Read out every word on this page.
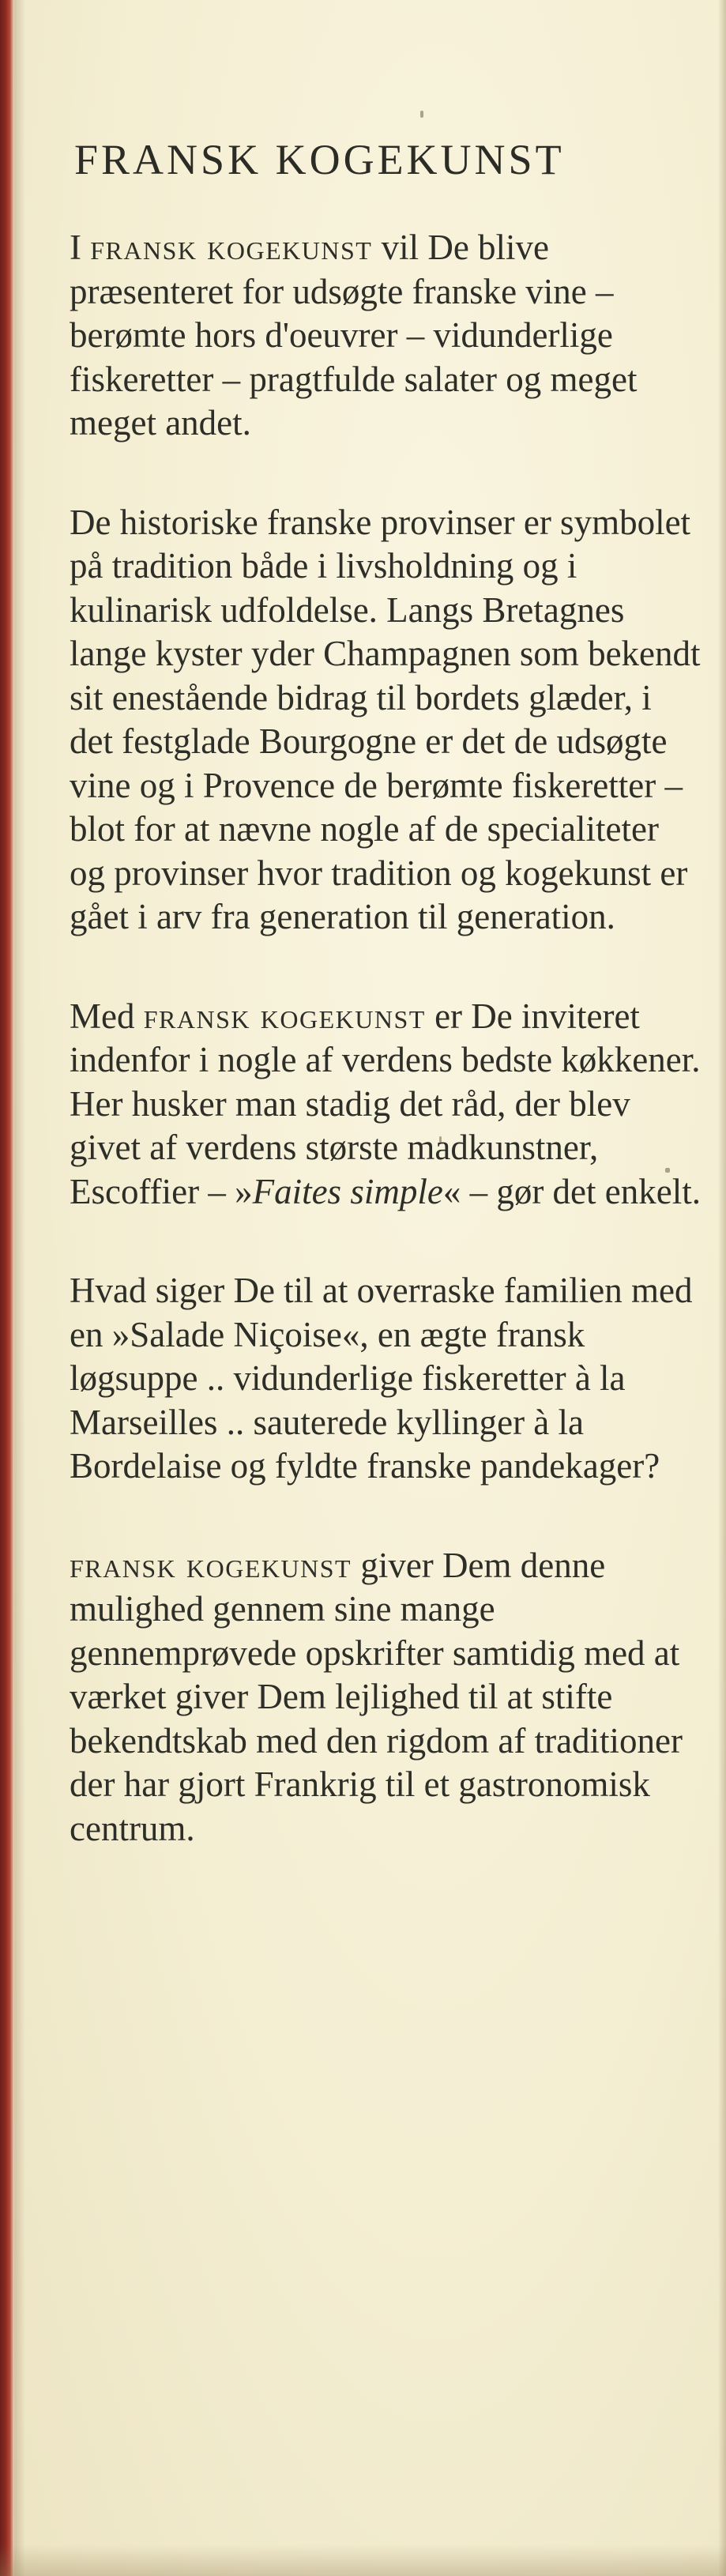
FRANSK KOGEKUNST

I fransk kogekunst vil De blive præsenteret for udsøgte franske vine – berømte hors d'oeuvrer – vidunderlige fiskeretter – pragtfulde salater og meget meget andet.

De historiske franske provinser er symbolet på tradition både i livsholdning og i kulinarisk udfoldelse. Langs Bretagnes lange kyster yder Champagnen som bekendt sit enestående bidrag til bordets glæder, i det festglade Bourgogne er det de udsøgte vine og i Provence de berømte fiskeretter – blot for at nævne nogle af de specialiteter og provinser hvor tradition og kogekunst er gået i arv fra generation til generation.

Med fransk kogekunst er De inviteret indenfor i nogle af verdens bedste køkkener. Her husker man stadig det råd, der blev givet af verdens største madkunstner, Escoffier – »Faites simple« – gør det enkelt.

Hvad siger De til at overraske familien med en »Salade Niçoise«, en ægte fransk løgsuppe .. vidunderlige fiskeretter à la Marseilles .. sauterede kyllinger à la Bordelaise og fyldte franske pandekager?

fransk kogekunst giver Dem denne mulighed gennem sine mange gennemprøvede opskrifter samtidig med at værket giver Dem lejlighed til at stifte bekendtskab med den rigdom af traditioner der har gjort Frankrig til et gastronomisk centrum.
